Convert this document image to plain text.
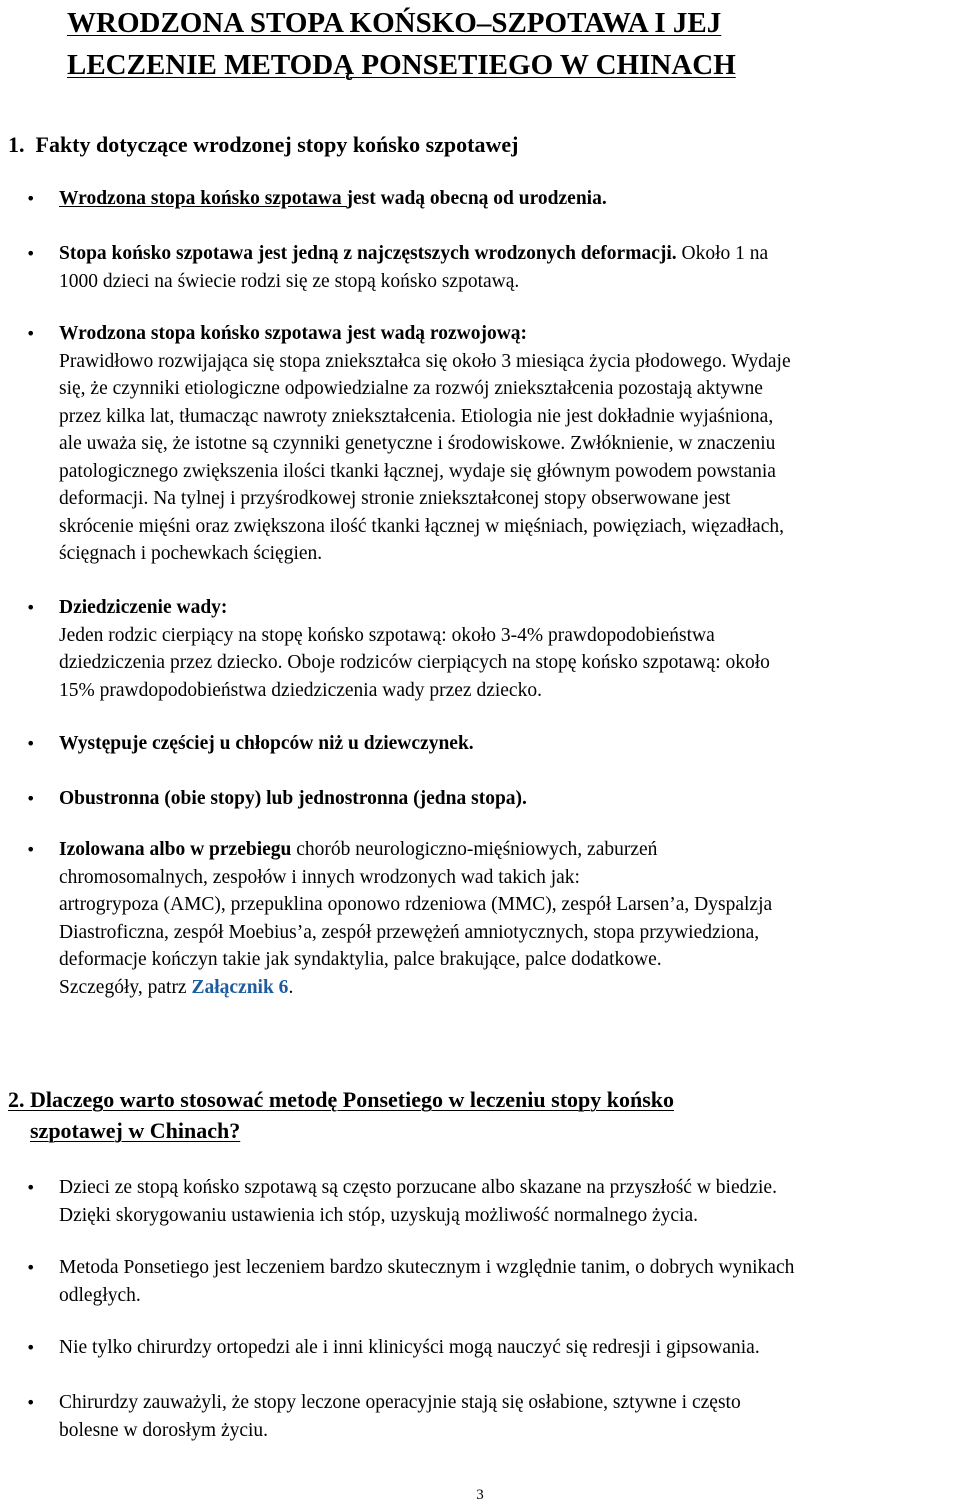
WRODZONA STOPA KOŃSKO–SZPOTAWA I JEJ
LECZENIE METODĄ PONSETIEGO W CHINACH
1. Fakty dotyczące wrodzonej stopy końsko szpotawej
• Wrodzona stopa końsko szpotawa jest wadą obecną od urodzenia.
• Stopa końsko szpotawa jest jedną z najczęstszych wrodzonych deformacji. Około 1 na
1000 dzieci na świecie rodzi się ze stopą końsko szpotawą.
• Wrodzona stopa końsko szpotawa jest wadą rozwojową:
Prawidłowo rozwijająca się stopa zniekształca się około 3 miesiąca życia płodowego. Wydaje
się, że czynniki etiologiczne odpowiedzialne za rozwój zniekształcenia pozostają aktywne
przez kilka lat, tłumacząc nawroty zniekształcenia. Etiologia nie jest dokładnie wyjaśniona,
ale uważa się, że istotne są czynniki genetyczne i środowiskowe. Zwłóknienie, w znaczeniu
patologicznego zwiększenia ilości tkanki łącznej, wydaje się głównym powodem powstania
deformacji. Na tylnej i przyśrodkowej stronie zniekształconej stopy obserwowane jest
skrócenie mięśni oraz zwiększona ilość tkanki łącznej w mięśniach, powięziach, więzadłach,
ścięgnach i pochewkach ścięgien.
• Dziedziczenie wady:
Jeden rodzic cierpiący na stopę końsko szpotawą: około 3-4% prawdopodobieństwa
dziedziczenia przez dziecko. Oboje rodziców cierpiących na stopę końsko szpotawą: około
15% prawdopodobieństwa dziedziczenia wady przez dziecko.
• Występuje częściej u chłopców niż u dziewczynek.
• Obustronna (obie stopy) lub jednostronna (jedna stopa).
• Izolowana albo w przebiegu chorób neurologiczno-mięśniowych, zaburzeń
chromosomalnych, zespołów i innych wrodzonych wad takich jak:
artrogrypoza (AMC), przepuklina oponowo rdzeniowa (MMC), zespół Larsen’a, Dyspalzja
Diastroficzna, zespół Moebius’a, zespół przewężeń amniotycznych, stopa przywiedziona,
deformacje kończyn takie jak syndaktylia, palce brakujące, palce dodatkowe.
Szczegóły, patrz Załącznik 6.
2. Dlaczego warto stosować metodę Ponsetiego w leczeniu stopy końsko
szpotawej w Chinach?
• Dzieci ze stopą końsko szpotawą są często porzucane albo skazane na przyszłość w biedzie.
Dzięki skorygowaniu ustawienia ich stóp, uzyskują możliwość normalnego życia.
• Metoda Ponsetiego jest leczeniem bardzo skutecznym i względnie tanim, o dobrych wynikach
odległych.
• Nie tylko chirurdzy ortopedzi ale i inni klinicyści mogą nauczyć się redresji i gipsowania.
• Chirurdzy zauważyli, że stopy leczone operacyjnie stają się osłabione, sztywne i często
bolesne w dorosłym życiu.
3
